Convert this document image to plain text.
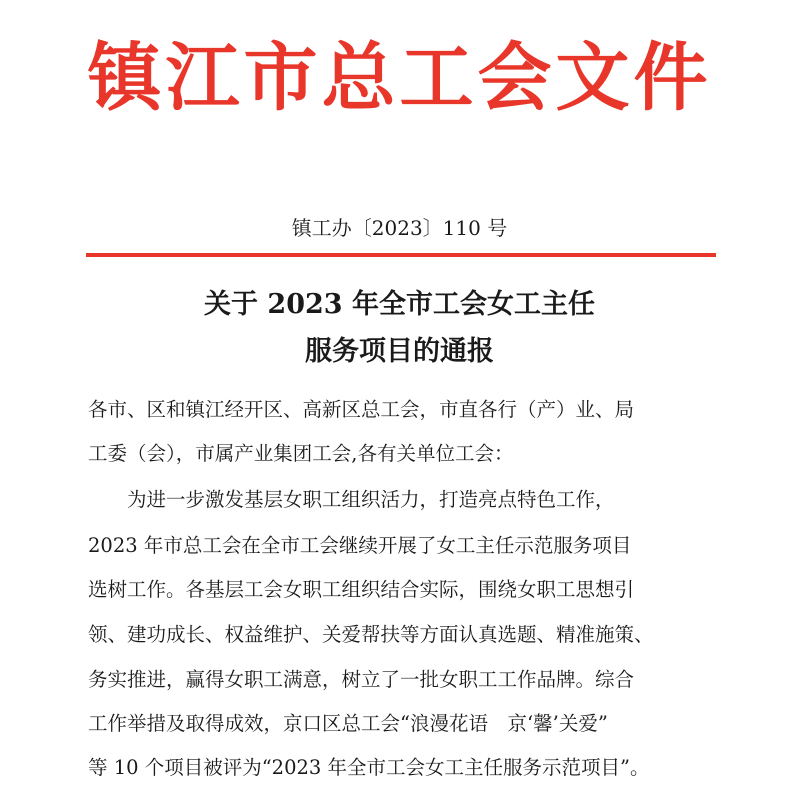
镇江市总工会文件
镇工办〔2023〕110 号
关于 2023 年全市工会女工主任
服务项目的通报
各市、区和镇江经开区、高新区总工会，市直各行（产）业、局
工委（会），市属产业集团工会,各有关单位工会：
　　为进一步激发基层女职工组织活力，打造亮点特色工作，
2023 年市总工会在全市工会继续开展了女工主任示范服务项目
选树工作。各基层工会女职工组织结合实际，围绕女职工思想引
领、建功成长、权益维护、关爱帮扶等方面认真选题、精准施策、
务实推进，赢得女职工满意，树立了一批女职工工作品牌。综合
工作举措及取得成效，京口区总工会“浪漫花语　京‘馨’关爱”
等 10 个项目被评为“2023 年全市工会女工主任服务示范项目”。
